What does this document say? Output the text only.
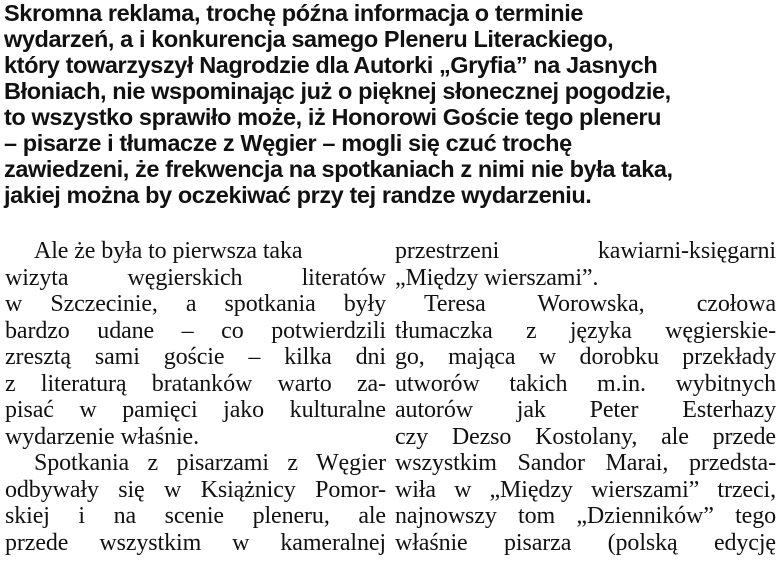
Skromna reklama, trochę późna informacja o terminie
wydarzeń, a i konkurencja samego Pleneru Literackiego,
który towarzyszył Nagrodzie dla Autorki „Gryfia” na Jasnych
Błoniach, nie wspominając już o pięknej słonecznej pogodzie,
to wszystko sprawiło może, iż Honorowi Goście tego pleneru
– pisarze i tłumacze z Węgier – mogli się czuć trochę
zawiedzeni, że frekwencja na spotkaniach z nimi nie była taka,
jakiej można by oczekiwać przy tej randze wydarzeniu.
Ale że była to pierwsza taka
wizyta węgierskich literatów
w Szczecinie, a spotkania były
bardzo udane – co potwierdzili
zresztą sami goście – kilka dni
z literaturą bratanków warto za-
pisać w pamięci jako kulturalne
wydarzenie właśnie.
Spotkania z pisarzami z Węgier
odbywały się w Książnicy Pomor-
skiej i na scenie pleneru, ale
przede wszystkim w kameralnej
przestrzeni kawiarni-księgarni
„Między wierszami”.
Teresa Worowska, czołowa
tłumaczka z języka węgierskie-
go, mająca w dorobku przekłady
utworów takich m.in. wybitnych
autorów jak Peter Esterhazy
czy Dezso Kostolany, ale przede
wszystkim Sandor Marai, przedsta-
wiła w „Między wierszami” trzeci,
najnowszy tom „Dzienników” tego
właśnie pisarza (polską edycję
